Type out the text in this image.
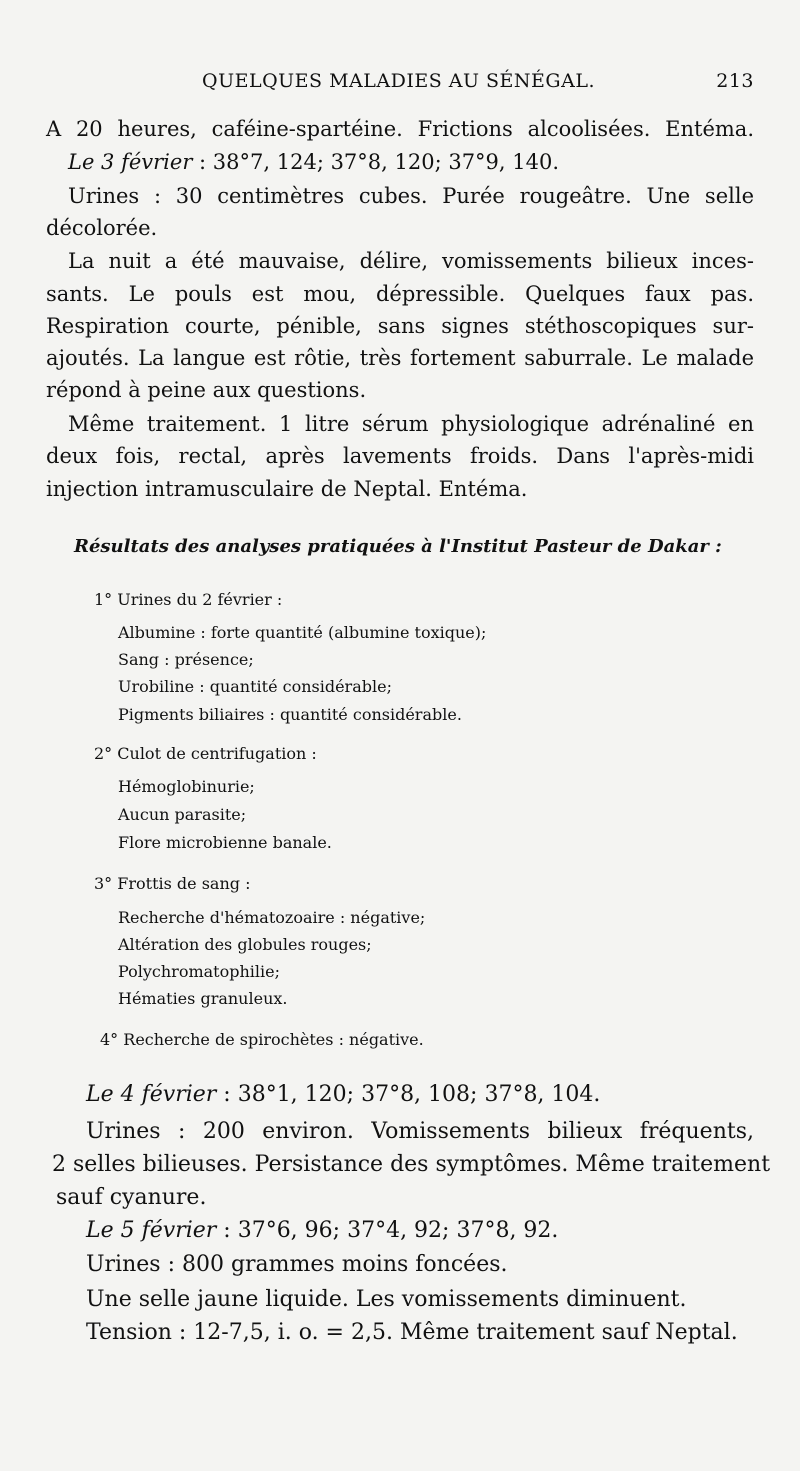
QUELQUES MALADIES AU SÉNÉGAL.	213
A 20 heures, caféine-spartéine. Frictions alcoolisées. Entéma.
Le 3 février : 38°7, 124; 37°8, 120; 37°9, 140.
Urines : 30 centimètres cubes. Purée rougeâtre. Une selle
décolorée.
La nuit a été mauvaise, délire, vomissements bilieux inces-
sants. Le pouls est mou, dépressible. Quelques faux pas.
Respiration courte, pénible, sans signes stéthoscopiques sur-
ajoutés. La langue est rôtie, très fortement saburrale. Le malade
répond à peine aux questions.
Même traitement. 1 litre sérum physiologique adrénaliné en
deux fois, rectal, après lavements froids. Dans l'après-midi
injection intramusculaire de Neptal. Entéma.
Résultats des analyses pratiquées à l'Institut Pasteur de Dakar :
1° Urines du 2 février :
Albumine : forte quantité (albumine toxique);
Sang : présence;
Urobiline : quantité considérable;
Pigments biliaires : quantité considérable.
2° Culot de centrifugation :
Hémoglobinurie;
Aucun parasite;
Flore microbienne banale.
3° Frottis de sang :
Recherche d'hématozoaire : négative;
Altération des globules rouges;
Polychromatophilie;
Hématies granuleux.
4° Recherche de spirochètes : négative.
Le 4 février : 38°1, 120; 37°8, 108; 37°8, 104.
Urines : 200 environ. Vomissements bilieux fréquents,
2 selles bilieuses. Persistance des symptômes. Même traitement
sauf cyanure.
Le 5 février : 37°6, 96; 37°4, 92; 37°8, 92.
Urines : 800 grammes moins foncées.
Une selle jaune liquide. Les vomissements diminuent.
Tension : 12-7,5, i. o. = 2,5. Même traitement sauf Neptal.
